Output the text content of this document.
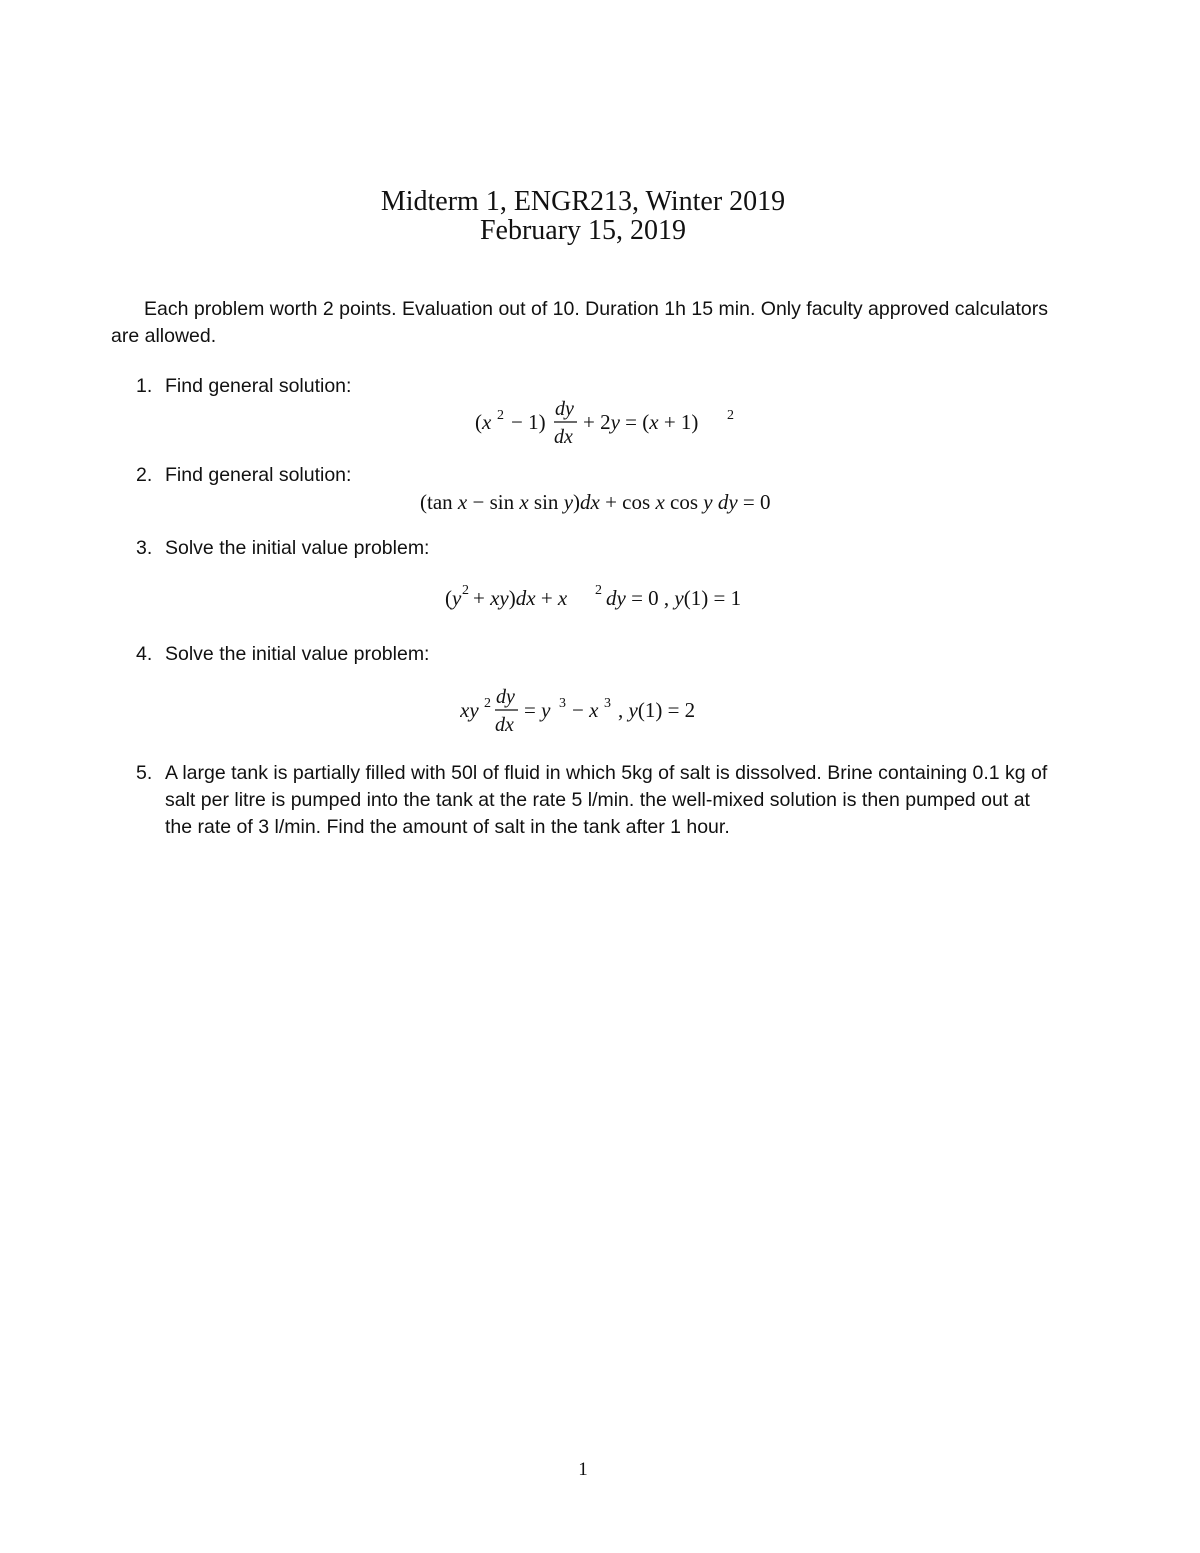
Midterm 1, ENGR213, Winter 2019
February 15, 2019
Each problem worth 2 points. Evaluation out of 10. Duration 1h 15 min. Only faculty approved calculators are allowed.
1. Find general solution:
(x 2 − 1)
dy
dx
+ 2y = (x + 1) 2
2. Find general solution:
(tan x − sin x sin y)dx + cos x cos y dy = 0
3. Solve the initial value problem:
(y 2 + xy)dx + x 2 dy = 0 , y(1) = 1
4. Solve the initial value problem:
xy 2 dy
dx
= y 3 − x 3 , y(1) = 2
5. A large tank is partially filled with 50l of fluid in which 5kg of salt is dissolved. Brine containing 0.1 kg of salt per litre is pumped into the tank at the rate 5 l/min. the well-mixed solution is then pumped out at the rate of 3 l/min. Find the amount of salt in the tank after 1 hour.
1
